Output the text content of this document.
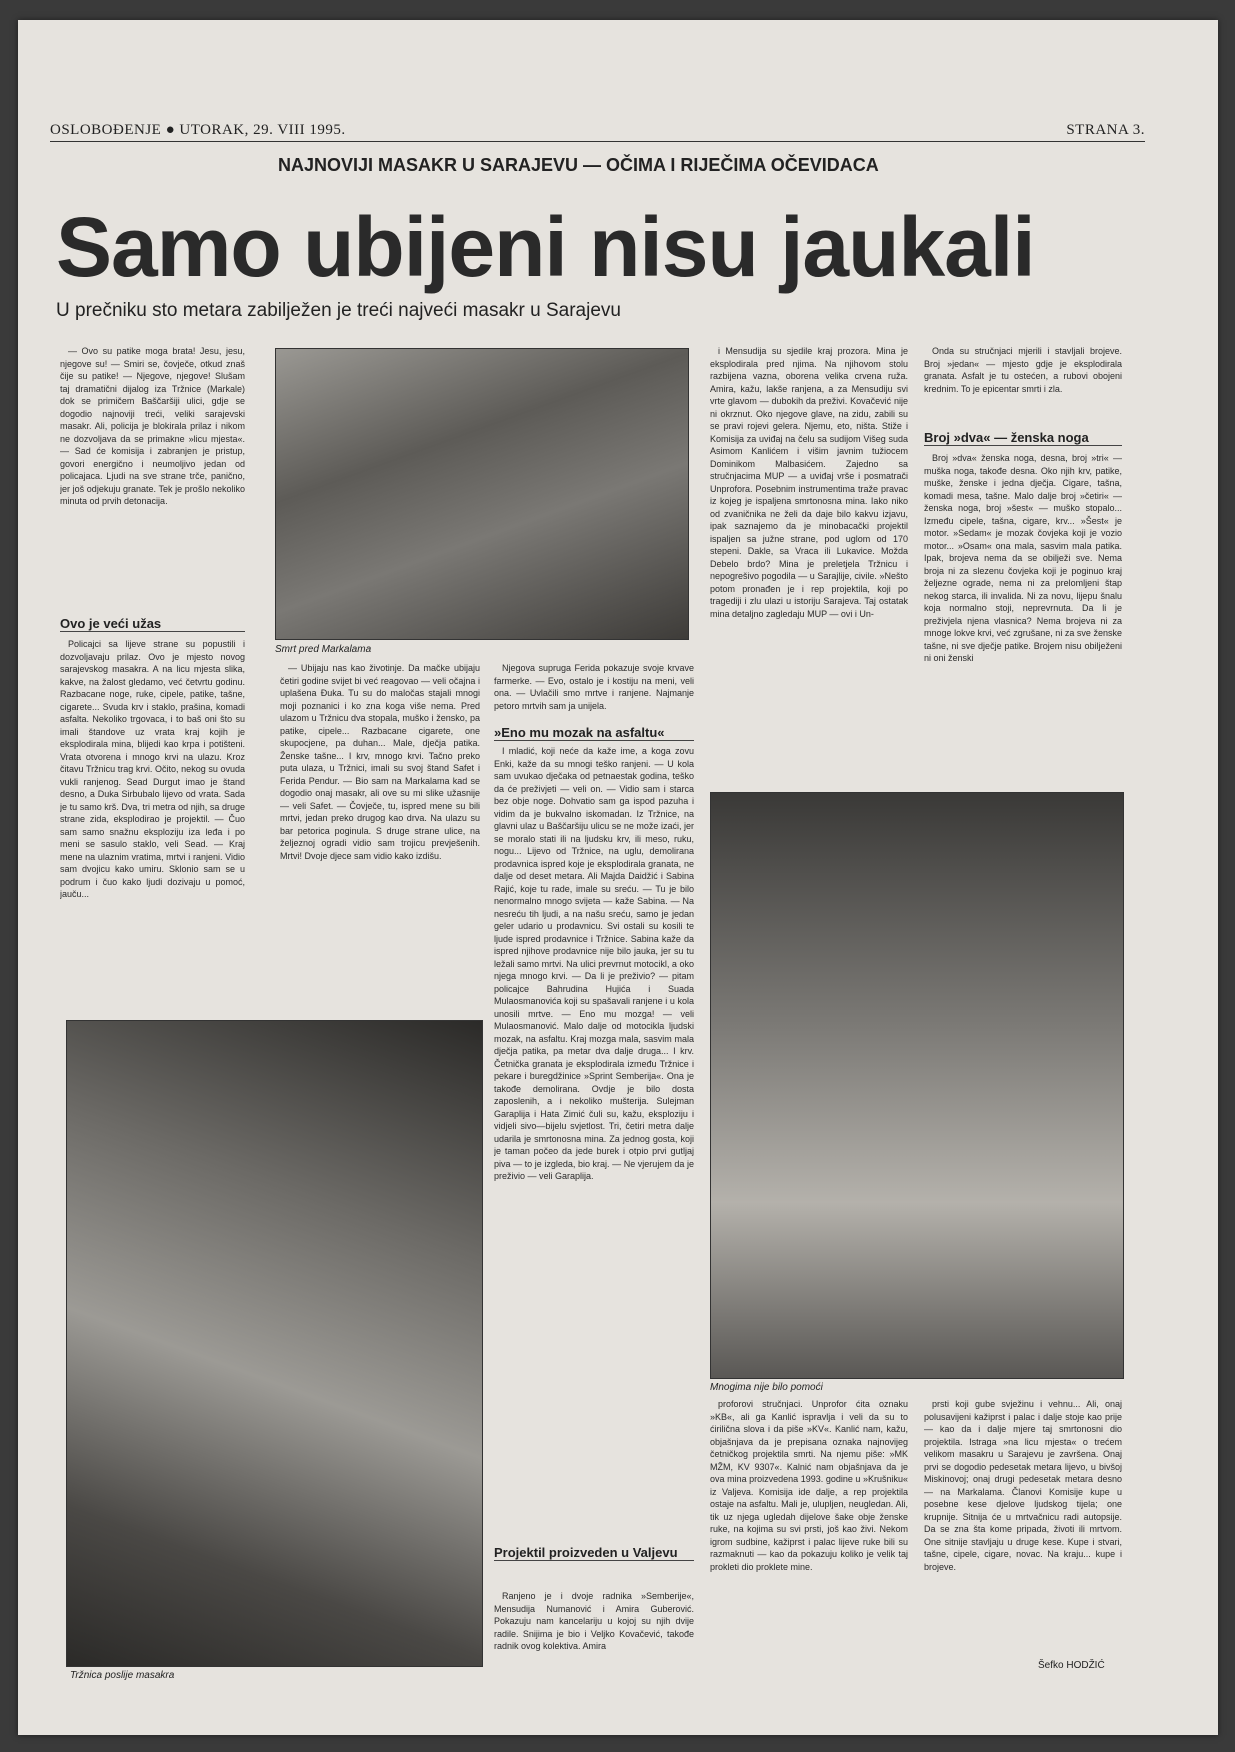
OSLOBOĐENJE ● UTORAK, 29. VIII 1995.	STRANA 3.
NAJNOVIJI MASAKR U SARAJEVU — OČIMA I RIJEČIMA OČEVIDACA
Samo ubijeni nisu jaukali
U prečniku sto metara zabilježen je treći najveći masakr u Sarajevu

— Ovo su patike moga brata! Jesu, jesu, njegove su! — Smiri se, čovječe, otkud znaš čije su patike! — Njegove, njegove! Slušam taj dramatični dijalog iza Tržnice (Markale) dok se primičem Baščaršiji ulici, gdje se dogodio najnoviji treći, veliki sarajevski masakr. Ali, policija je blokirala prilaz i nikom ne dozvoljava da se primakne »licu mjesta«. — Sad će komisija i zabranjen je pristup, govori energično i neumoljivo jedan od policajaca. Ljudi na sve strane trče, panično, jer još odjekuju granate. Tek je prošlo nekoliko minuta od prvih detonacija.

Smrt pred Markalama
Ovo je veći užas

Policajci sa lijeve strane su popustili i dozvoljavaju prilaz. Ovo je mjesto novog sarajevskog masakra. A na licu mjesta slika, kakve, na žalost gledamo, već četvrtu godinu. Razbacane noge, ruke, cipele, patike, tašne, cigarete... Svuda krv i staklo, prašina, komadi asfalta. Nekoliko trgovaca, i to baš oni što su imali štandove uz vrata kraj kojih je eksplodirala mina, blijedi kao krpa i potišteni. Vrata otvorena i mnogo krvi na ulazu. Kroz čitavu Tržnicu trag krvi. Očito, nekog su ovuda vukli ranjenog. Sead Durgut imao je štand desno, a Duka Sirbubalo lijevo od vrata. Sada je tu samo krš. Dva, tri metra od njih, sa druge strane zida, eksplodirao je projektil. — Čuo sam samo snažnu eksploziju iza leđa i po meni se sasulo staklo, veli Sead. — Kraj mene na ulaznim vratima, mrtvi i ranjeni. Vidio sam dvojicu kako umiru. Sklonio sam se u podrum i čuo kako ljudi dozivaju u pomoć, jauču...

— Ubijaju nas kao životinje. Da mačke ubijaju četiri godine svijet bi već reagovao — veli očajna i uplašena Đuka. Tu su do maločas stajali mnogi moji poznanici i ko zna koga više nema. Pred ulazom u Tržnicu dva stopala, muško i žensko, pa patike, cipele... Razbacane cigarete, one skupocjene, pa duhan... Male, dječja patika. Ženske tašne... I krv, mnogo krvi. Tačno preko puta ulaza, u Tržnici, imali su svoj štand Safet i Ferida Pendur. — Bio sam na Markalama kad se dogodio onaj masakr, ali ove su mi slike užasnije — veli Safet. — Čovječe, tu, ispred mene su bili mrtvi, jedan preko drugog kao drva. Na ulazu su bar petorica poginula. S druge strane ulice, na željeznoj ogradi vidio sam trojicu prevješenih. Mrtvi! Dvoje djece sam vidio kako izdišu.

Njegova supruga Ferida pokazuje svoje krvave farmerke. — Evo, ostalo je i kostiju na meni, veli ona. — Uvlačili smo mrtve i ranjene. Najmanje petoro mrtvih sam ja unijela.

»Eno mu mozak na asfaltu«

I mladić, koji neće da kaže ime, a koga zovu Enki, kaže da su mnogi teško ranjeni. — U kola sam uvukao dječaka od petnaestak godina, teško da će preživjeti — veli on. — Vidio sam i starca bez obje noge. Dohvatio sam ga ispod pazuha i vidim da je bukvalno iskomadan. Iz Tržnice, na glavni ulaz u Baščaršiju ulicu se ne može izaći, jer se moralo stati ili na ljudsku krv, ili meso, ruku, nogu... Lijevo od Tržnice, na uglu, demolirana prodavnica ispred koje je eksplodirala granata, ne dalje od deset metara. Ali Majda Daidžić i Sabina Rajić, koje tu rade, imale su sreću. — Tu je bilo nenormalno mnogo svijeta — kaže Sabina. — Na nesreću tih ljudi, a na našu sreću, samo je jedan geler udario u prodavnicu. Svi ostali su kosili te ljude ispred prodavnice i Tržnice. Sabina kaže da ispred njihove prodavnice nije bilo jauka, jer su tu ležali samo mrtvi. Na ulici prevrnut motocikl, a oko njega mnogo krvi. — Da li je preživio? — pitam policajce Bahrudina Hujića i Suada Mulaosmanovića koji su spašavali ranjene i u kola unosili mrtve. — Eno mu mozga! — veli Mulaosmanović. Malo dalje od motocikla ljudski mozak, na asfaltu. Kraj mozga mala, sasvim mala dječja patika, pa metar dva dalje druga... I krv. Četnička granata je eksplodirala između Tržnice i pekare i buregdžinice »Sprint Semberija«. Ona je takođe demolirana. Ovdje je bilo dosta zaposlenih, a i nekoliko mušterija. Sulejman Garaplija i Hata Zimić čuli su, kažu, eksploziju i vidjeli sivo—bijelu svjetlost. Tri, četiri metra dalje udarila je smrtonosna mina. Za jednog gosta, koji je taman počeo da jede burek i otpio prvi gutljaj piva — to je izgleda, bio kraj. — Ne vjerujem da je preživio — veli Garaplija.

Projektil proizveden u Valjevu

Ranjeno je i dvoje radnika »Semberije«, Mensudija Numanović i Amira Guberović. Pokazuju nam kancelariju u kojoj su njih dvije radile. Snijima je bio i Veljko Kovačević, takođe radnik ovog kolektiva. Amira

i Mensudija su sjedile kraj prozora. Mina je eksplodirala pred njima. Na njihovom stolu razbijena vazna, oborena velika crvena ruža. Amira, kažu, lakše ranjena, a za Mensudiju svi vrte glavom — dubokih da preživi. Kovačević nije ni okrznut. Oko njegove glave, na zidu, zabili su se pravi rojevi gelera. Njemu, eto, ništa. Stiže i Komisija za uviđaj na čelu sa sudijom Višeg suda Asimom Kanlićem i višim javnim tužiocem Dominikom Malbasićem. Zajedno sa stručnjacima MUP — a uviđaj vrše i posmatrači Unprofora. Posebnim instrumentima traže pravac iz kojeg je ispaljena smrtonosna mina. Iako niko od zvaničnika ne želi da daje bilo kakvu izjavu, ipak saznajemo da je minobacački projektil ispaljen sa južne strane, pod uglom od 170 stepeni. Dakle, sa Vraca ili Lukavice. Možda Debelo brdo? Mina je preletjela Tržnicu i nepogrešivo pogodila — u Sarajlije, civile. »Nešto potom pronađen je i rep projektila, koji po tragediji i zlu ulazi u istoriju Sarajeva. Taj ostatak mina detaljno zagledaju MUP — ovi i Un-

Onda su stručnjaci mjerili i stavljali brojeve. Broj »jedan« — mjesto gdje je eksplodirala granata. Asfalt je tu ostećen, a rubovi obojeni krednim. To je epicentar smrti i zla.

Broj »dva« — ženska noga

Broj »dva« ženska noga, desna, broj »tri« — muška noga, takođe desna. Oko njih krv, patike, muške, ženske i jedna dječja. Cigare, tašna, komadi mesa, tašne. Malo dalje broj »četiri« — ženska noga, broj »šest« — muško stopalo... Između cipele, tašna, cigare, krv... »Šest« je motor. »Sedam« je mozak čovjeka koji je vozio motor... »Osam« ona mala, sasvim mala patika. Ipak, brojeva nema da se obilježi sve. Nema broja ni za slezenu čovjeka koji je poginuo kraj željezne ograde, nema ni za prelomljeni štap nekog starca, ili invalida. Ni za novu, lijepu šnalu koja normalno stoji, neprevrnuta. Da li je preživjela njena vlasnica? Nema brojeva ni za mnoge lokve krvi, već zgrušane, ni za sve ženske tašne, ni sve dječje patike. Brojem nisu obilježeni ni oni ženski

Mnogima nije bilo pomoći

proforovi stručnjaci. Unprofor ćita oznaku »KB«, ali ga Kanlić ispravlja i veli da su to ćirilična slova i da piše »KV«. Kanlić nam, kažu, objašnjava da je prepisana oznaka najnovijeg četničkog projektila smrti. Na njemu piše: »MK MŽM, KV 9307«. Kalnić nam objašnjava da je ova mina proizvedena 1993. godine u »Krušniku« iz Valjeva. Komisija ide dalje, a rep projektila ostaje na asfaltu. Mali je, ulupljen, neugledan. Ali, tik uz njega ugledah dijelove šake obje ženske ruke, na kojima su svi prsti, još kao živi. Nekom igrom sudbine, kažiprst i palac lijeve ruke bili su razmaknuti — kao da pokazuju koliko je velik taj prokleti dio prokletе mine.

prsti koji gube svježinu i vehnu... Ali, onaj polusavijeni kažiprst i palac i dalje stoje kao prije — kao da i dalje mjere taj smrtonosni dio projektila. Istraga »na licu mjesta« o trećem velikom masakru u Sarajevu je završena. Onaj prvi se dogodio pedesetak metara lijevo, u bivšoj Miskinovoj; onaj drugi pedesetak metara desno — na Markalama. Članovi Komisije kupe u posebne kese djelove ljudskog tijela; one krupnije. Sitnija će u mrtvačnicu radi autopsije. Da se zna šta kome pripada, životi ili mrtvom. One sitnije stavljaju u druge kese. Kupe i stvari, tašne, cipele, cigare, novac. Na kraju... kupe i brojeve.

Šefko HODŽIĆ
Tržnica poslije masakra
